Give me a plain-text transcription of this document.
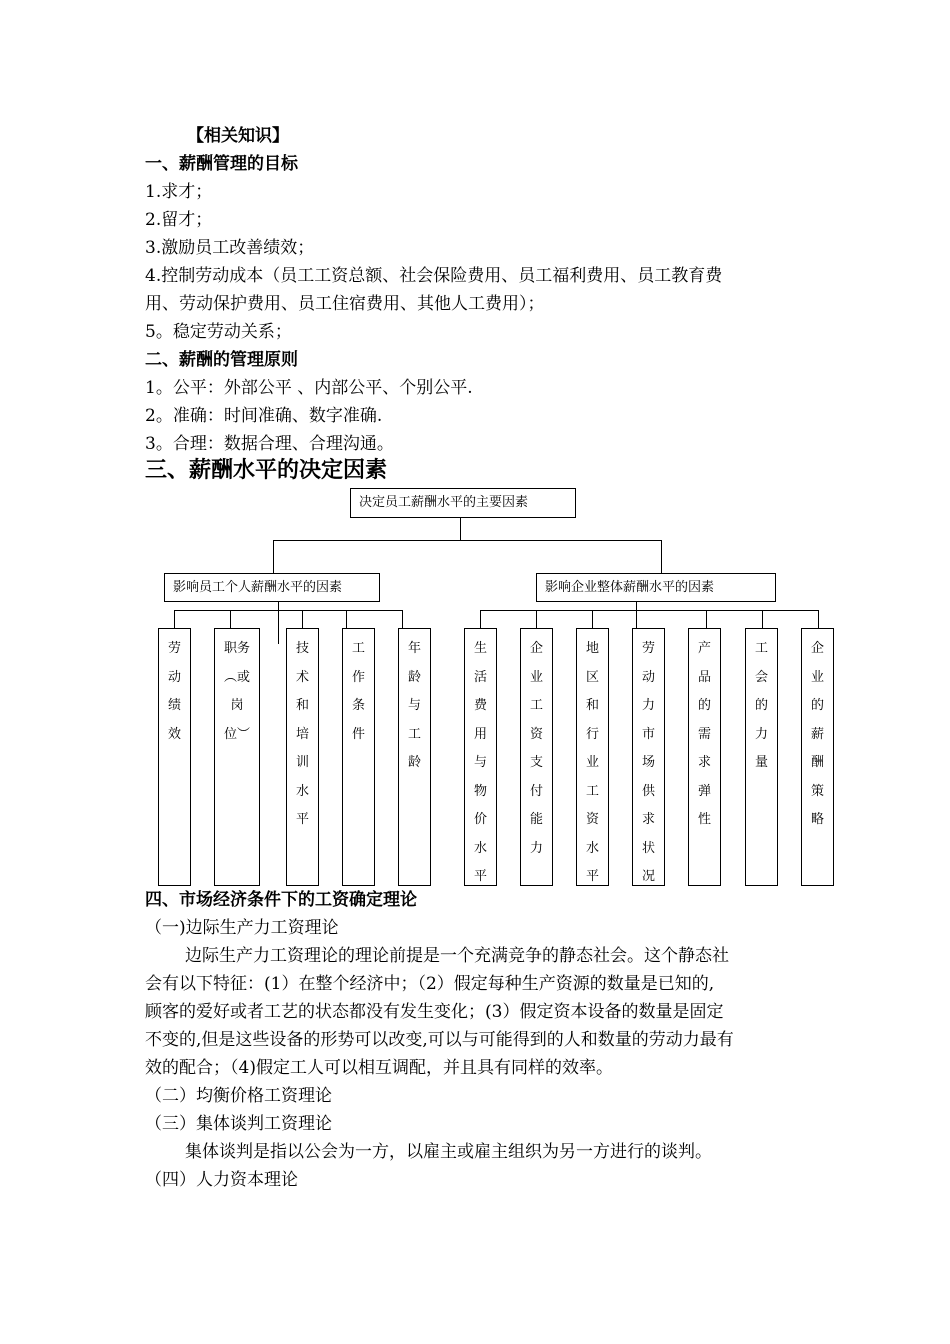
【相关知识】
一、薪酬管理的目标
1.求才；
2.留才；
3.激励员工改善绩效；
4.控制劳动成本（员工工资总额、社会保险费用、员工福利费用、员工教育费
用、劳动保护费用、员工住宿费用、其他人工费用）；
5。稳定劳动关系；
二、薪酬的管理原则
1。公平：外部公平 、内部公平、个别公平.
2。准确：时间准确、数字准确.
3。合理：数据合理、合理沟通。
三、薪酬水平的决定因素
决定员工薪酬水平的主要因素
影响员工个人薪酬水平的因素	影响企业整体薪酬水平的因素
劳动绩效
职务︵或岗位︶
技术和培训水平
工作条件
年龄与工龄
生活费用与物价水平
企业工资支付能力
地区和行业工资水平
劳动力市场供求状况
产品的需求弹性
工会的力量
企业的薪酬策略
四、市场经济条件下的工资确定理论
（一)边际生产力工资理论
边际生产力工资理论的理论前提是一个充满竞争的静态社会。这个静态社
会有以下特征：(1）在整个经济中；（2）假定每种生产资源的数量是已知的,
顾客的爱好或者工艺的状态都没有发生变化；(3）假定资本设备的数量是固定
不变的,但是这些设备的形势可以改变,可以与可能得到的人和数量的劳动力最有
效的配合；（4)假定工人可以相互调配，并且具有同样的效率。
（二）均衡价格工资理论
（三）集体谈判工资理论
集体谈判是指以公会为一方，以雇主或雇主组织为另一方进行的谈判。
（四）人力资本理论
